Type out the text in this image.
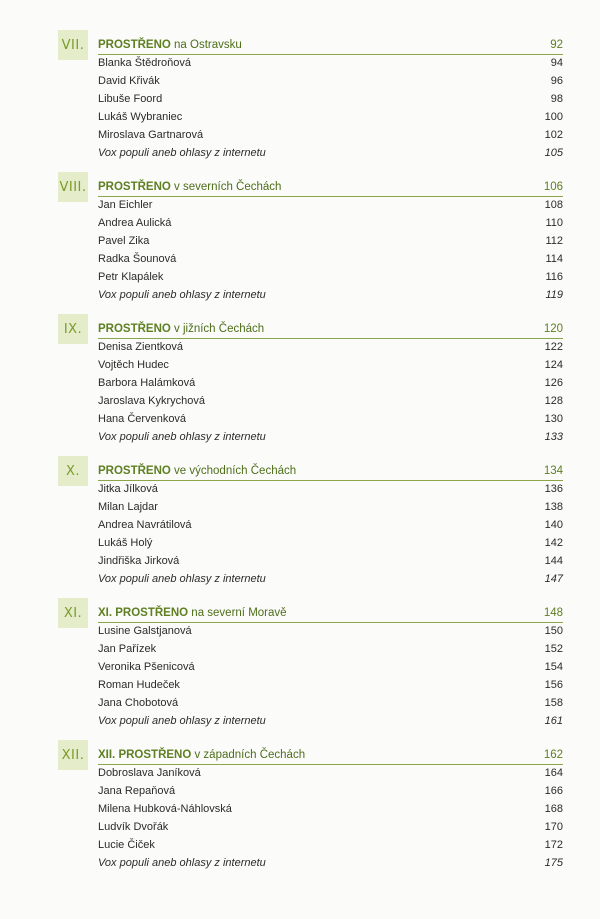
VII.	PROSTŘENO na Ostravsku	92
Blanka Štědroňová	94
David Křivák	96
Libuše Foord	98
Lukáš Wybraniec	100
Miroslava Gartnarová	102
Vox populi aneb ohlasy z internetu	105
VIII. PROSTŘENO v severních Čechách	106
Jan Eichler	108
Andrea Aulická	110
Pavel Zika	112
Radka Šounová	114
Petr Klapálek	116
Vox populi aneb ohlasy z internetu	119
IX.	PROSTŘENO v jižních Čechách	120
Denisa Zientková	122
Vojtěch Hudec	124
Barbora Halámková	126
Jaroslava Kykrychová	128
Hana Červenková	130
Vox populi aneb ohlasy z internetu	133
X.	PROSTŘENO ve východních Čechách	134
Jitka Jílková	136
Milan Lajdar	138
Andrea Navrátilová	140
Lukáš Holý	142
Jindřiška Jirková	144
Vox populi aneb ohlasy z internetu	147
XI.	XI. PROSTŘENO na severní Moravě	148
Lusine Galstjanová	150
Jan Pařízek	152
Veronika Pšenicová	154
Roman Hudeček	156
Jana Chobotová	158
Vox populi aneb ohlasy z internetu	161
XII.	XII. PROSTŘENO v západních Čechách	162
Dobroslava Janíková	164
Jana Repaňová	166
Milena Hubková-Náhlovská	168
Ludvík Dvořák	170
Lucie Čiček	172
Vox populi aneb ohlasy z internetu	175
